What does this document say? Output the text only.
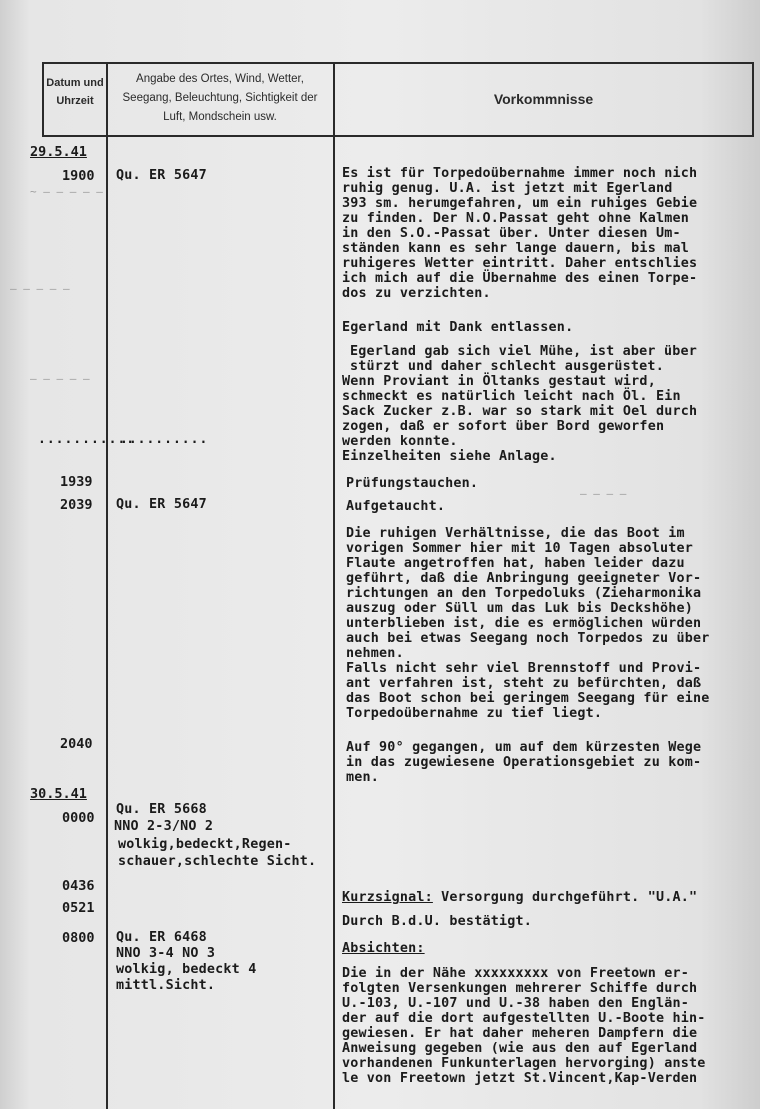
Datum und Uhrzeit
Angabe des Ortes, Wind, Wetter, Seegang, Beleuchtung, Sichtigkeit der Luft, Mondschein usw.
Vorkommnisse
~ — — — — —
— — — — —
— — — — —
— — — —
29.5.41
1900
...........
1939
2039
2040
30.5.41
0000
0436
0521
0800
Qu. ER 5647
..........
Qu. ER 5647
Qu. ER 5668
NNO 2-3/NO 2
wolkig,bedeckt,Regen-
schauer,schlechte Sicht.
Qu. ER 6468
NNO 3-4 NO 3
wolkig, bedeckt 4
mittl.Sicht.
Es ist für Torpedoübernahme immer noch nich
ruhig genug. U.A. ist jetzt mit Egerland
393 sm. herumgefahren, um ein ruhiges Gebie
zu finden. Der N.O.Passat geht ohne Kalmen
in den S.O.-Passat über. Unter diesen Um-
ständen kann es sehr lange dauern, bis mal
ruhigeres Wetter eintritt. Daher entschlies
ich mich auf die Übernahme des einen Torpe-
dos zu verzichten.
Egerland mit Dank entlassen.
Egerland gab sich viel Mühe, ist aber über
stürzt und daher schlecht ausgerüstet.
Wenn Proviant in Öltanks gestaut wird,
schmeckt es natürlich leicht nach Öl. Ein
Sack Zucker z.B. war so stark mit Oel durch
zogen, daß er sofort über Bord geworfen
werden konnte.
Einzelheiten siehe Anlage.
Prüfungstauchen.
Aufgetaucht.
Die ruhigen Verhältnisse, die das Boot im
vorigen Sommer hier mit 10 Tagen absoluter
Flaute angetroffen hat, haben leider dazu
geführt, daß die Anbringung geeigneter Vor-
richtungen an den Torpedoluks (Zieharmonika
auszug oder Süll um das Luk bis Deckshöhe)
unterblieben ist, die es ermöglichen würden
auch bei etwas Seegang noch Torpedos zu über
nehmen.
Falls nicht sehr viel Brennstoff und Provi-
ant verfahren ist, steht zu befürchten, daß
das Boot schon bei geringem Seegang für eine
Torpedoübernahme zu tief liegt.
Auf 90° gegangen, um auf dem kürzesten Wege
in das zugewiesene Operationsgebiet zu kom-
men.
Kurzsignal: Versorgung durchgeführt. "U.A."
Durch B.d.U. bestätigt.
Absichten:
Die in der Nähe xxxxxxxxx von Freetown er-
folgten Versenkungen mehrerer Schiffe durch
U.-103, U.-107 und U.-38 haben den Englän-
der auf die dort aufgestellten U.-Boote hin-
gewiesen. Er hat daher meheren Dampfern die
Anweisung gegeben (wie aus den auf Egerland
vorhandenen Funkunterlagen hervorging) anste
le von Freetown jetzt St.Vincent,Kap-Verden
